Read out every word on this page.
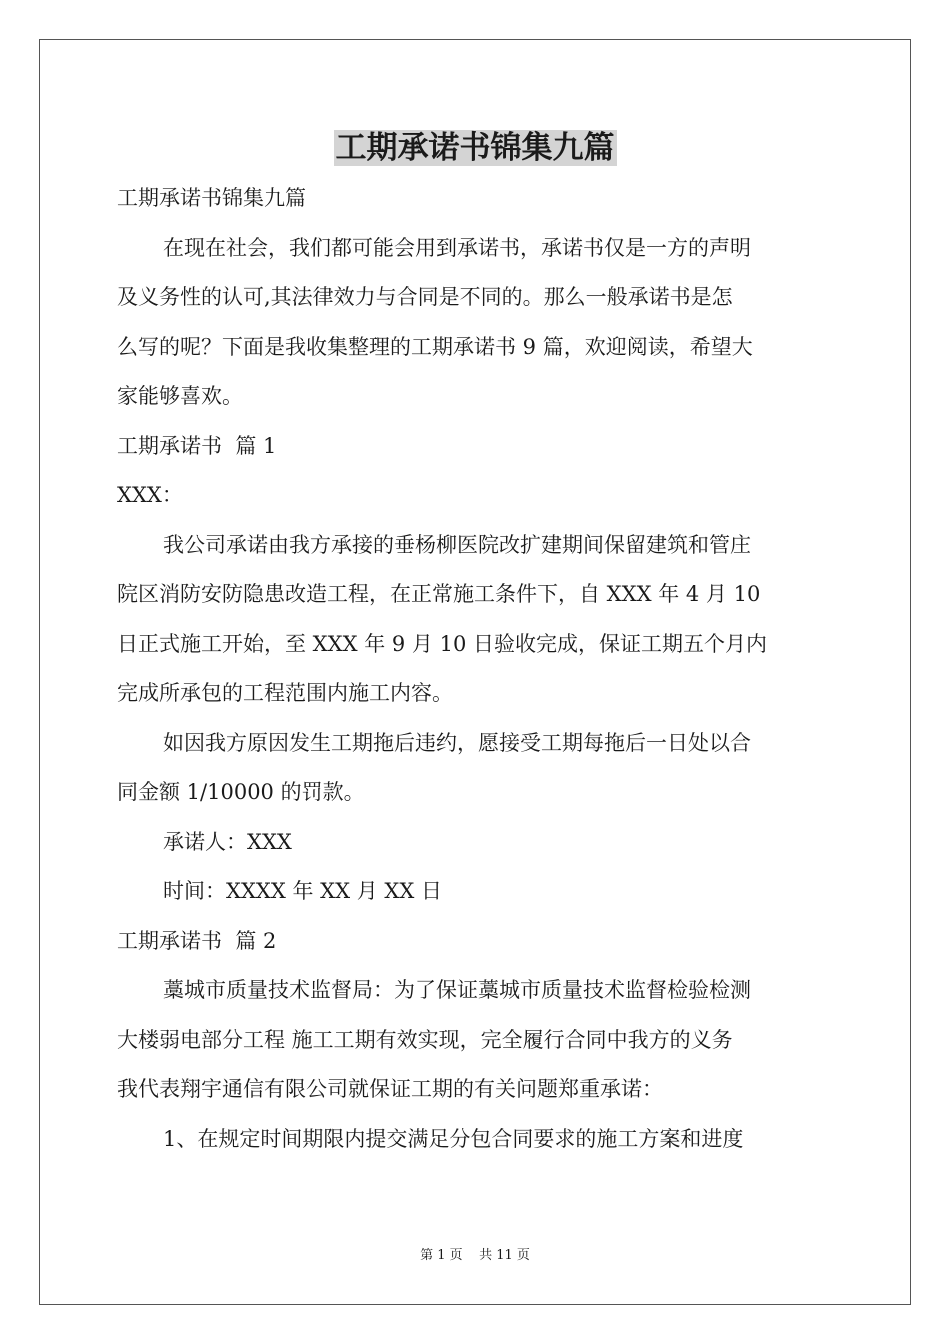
工期承诺书锦集九篇

工期承诺书锦集九篇

在现在社会，我们都可能会用到承诺书，承诺书仅是一方的声明

及义务性的认可,其法律效力与合同是不同的。那么一般承诺书是怎

么写的呢？下面是我收集整理的工期承诺书 9 篇，欢迎阅读，希望大

家能够喜欢。

工期承诺书  篇 1

XXX：

我公司承诺由我方承接的垂杨柳医院改扩建期间保留建筑和管庄

院区消防安防隐患改造工程，在正常施工条件下，自 XXX 年 4 月 10

日正式施工开始，至 XXX 年 9 月 10 日验收完成，保证工期五个月内

完成所承包的工程范围内施工内容。

如因我方原因发生工期拖后违约，愿接受工期每拖后一日处以合

同金额 1/10000 的罚款。

承诺人：XXX

时间：XXXX 年 XX 月 XX 日

工期承诺书  篇 2

藁城市质量技术监督局：为了保证藁城市质量技术监督检验检测

大楼弱电部分工程 施工工期有效实现，完全履行合同中我方的义务

我代表翔宇通信有限公司就保证工期的有关问题郑重承诺：

1、在规定时间期限内提交满足分包合同要求的施工方案和进度

第 1 页    共 11 页
